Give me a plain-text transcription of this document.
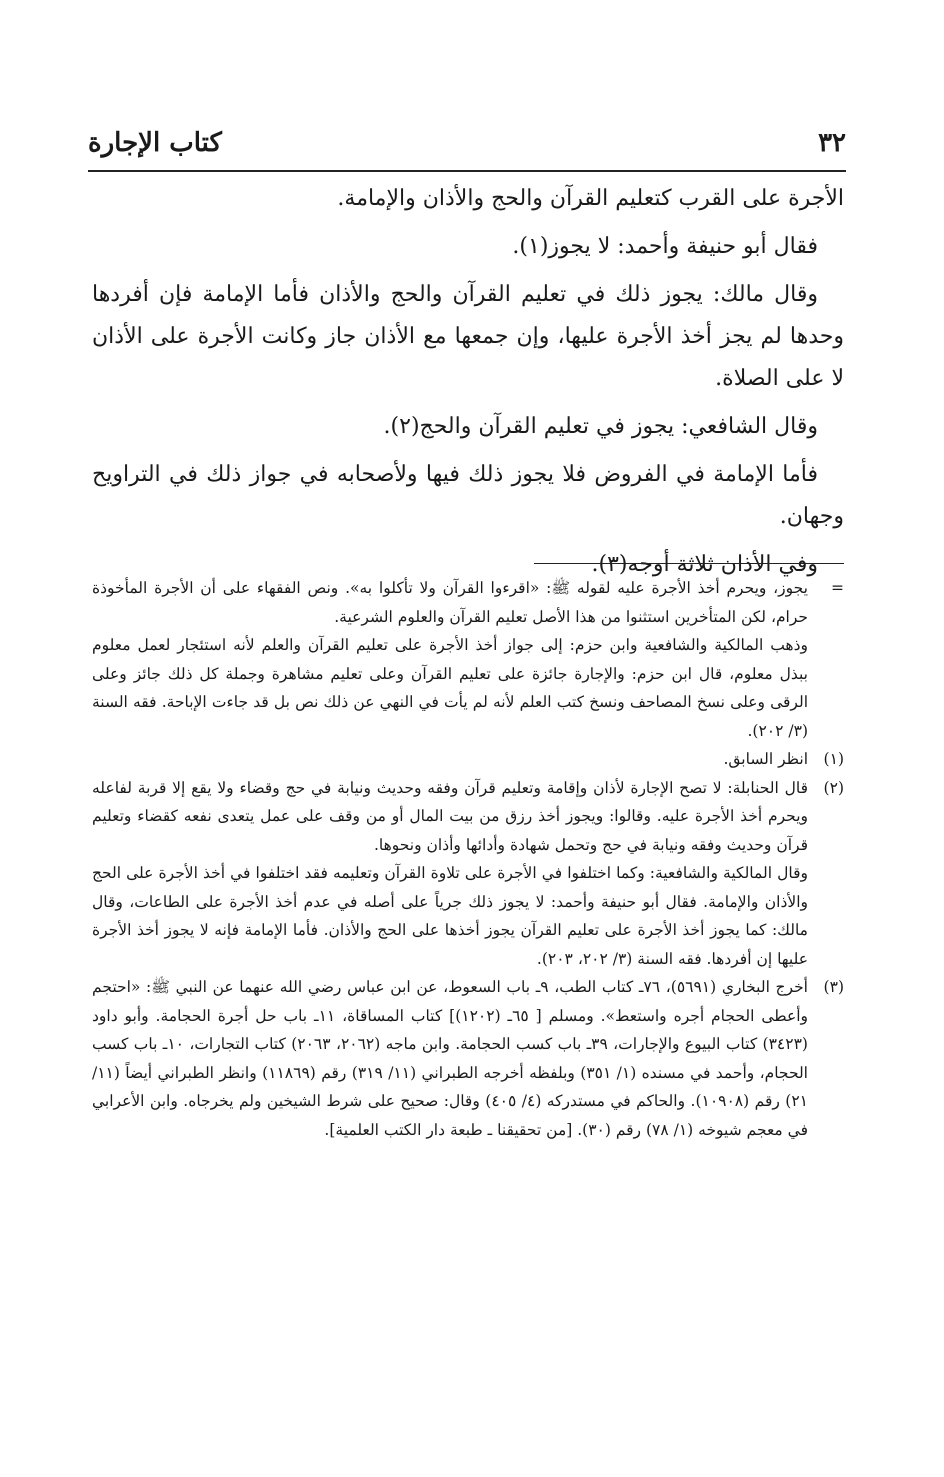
٣٢
كتاب الإجارة

الأجرة على القرب كتعليم القرآن والحج والأذان والإمامة.

فقال أبو حنيفة وأحمد: لا يجوز(١).

وقال مالك: يجوز ذلك في تعليم القرآن والحج والأذان فأما الإمامة فإن أفردها وحدها لم يجز أخذ الأجرة عليها، وإن جمعها مع الأذان جاز وكانت الأجرة على الأذان لا على الصلاة.

وقال الشافعي: يجوز في تعليم القرآن والحج(٢).

فأما الإمامة في الفروض فلا يجوز ذلك فيها ولأصحابه في جواز ذلك في التراويح وجهان.

وفي الأذان ثلاثة أوجه(٣).

=

يجوز، ويحرم أخذ الأجرة عليه لقوله ﷺ: «اقرءوا القرآن ولا تأكلوا به». ونص الفقهاء على أن الأجرة المأخوذة حرام، لكن المتأخرين استثنوا من هذا الأصل تعليم القرآن والعلوم الشرعية.

وذهب المالكية والشافعية وابن حزم: إلى جواز أخذ الأجرة على تعليم القرآن والعلم لأنه استئجار لعمل معلوم ببذل معلوم، قال ابن حزم: والإجارة جائزة على تعليم القرآن وعلى تعليم مشاهرة وجملة كل ذلك جائز وعلى الرقى وعلى نسخ المصاحف ونسخ كتب العلم لأنه لم يأت في النهي عن ذلك نص بل قد جاءت الإباحة. فقه السنة (٣/ ٢٠٢).

(١)

انظر السابق.

(٢)

قال الحنابلة: لا تصح الإجارة لأذان وإقامة وتعليم قرآن وفقه وحديث ونيابة في حج وقضاء ولا يقع إلا قربة لفاعله ويحرم أخذ الأجرة عليه. وقالوا: ويجوز أخذ رزق من بيت المال أو من وقف على عمل يتعدى نفعه كقضاء وتعليم قرآن وحديث وفقه ونيابة في حج وتحمل شهادة وأدائها وأذان ونحوها.

وقال المالكية والشافعية: وكما اختلفوا في الأجرة على تلاوة القرآن وتعليمه فقد اختلفوا في أخذ الأجرة على الحج والأذان والإمامة. فقال أبو حنيفة وأحمد: لا يجوز ذلك جرياً على أصله في عدم أخذ الأجرة على الطاعات، وقال مالك: كما يجوز أخذ الأجرة على تعليم القرآن يجوز أخذها على الحج والأذان. فأما الإمامة فإنه لا يجوز أخذ الأجرة عليها إن أفردها. فقه السنة (٣/ ٢٠٢، ٢٠٣).

(٣)

أخرج البخاري (٥٦٩١)، ٧٦ـ كتاب الطب، ٩ـ باب السعوط، عن ابن عباس رضي الله عنهما عن النبي ﷺ: «احتجم وأعطى الحجام أجره واستعط». ومسلم [ ٦٥ـ (١٢٠٢)] كتاب المساقاة، ١١ـ باب حل أجرة الحجامة. وأبو داود (٣٤٢٣) كتاب البيوع والإجارات، ٣٩ـ باب كسب الحجامة. وابن ماجه (٢٠٦٢، ٢٠٦٣) كتاب التجارات، ١٠ـ باب كسب الحجام، وأحمد في مسنده (١/ ٣٥١) وبلفظه أخرجه الطبراني (١١/ ٣١٩) رقم (١١٨٦٩) وانظر الطبراني أيضاً (١١/ ٢١) رقم (١٠٩٠٨). والحاكم في مستدركه (٤/ ٤٠٥) وقال: صحيح على شرط الشيخين ولم يخرجاه. وابن الأعرابي في معجم شيوخه (١/ ٧٨) رقم (٣٠). [من تحقيقنا ـ طبعة دار الكتب العلمية].
